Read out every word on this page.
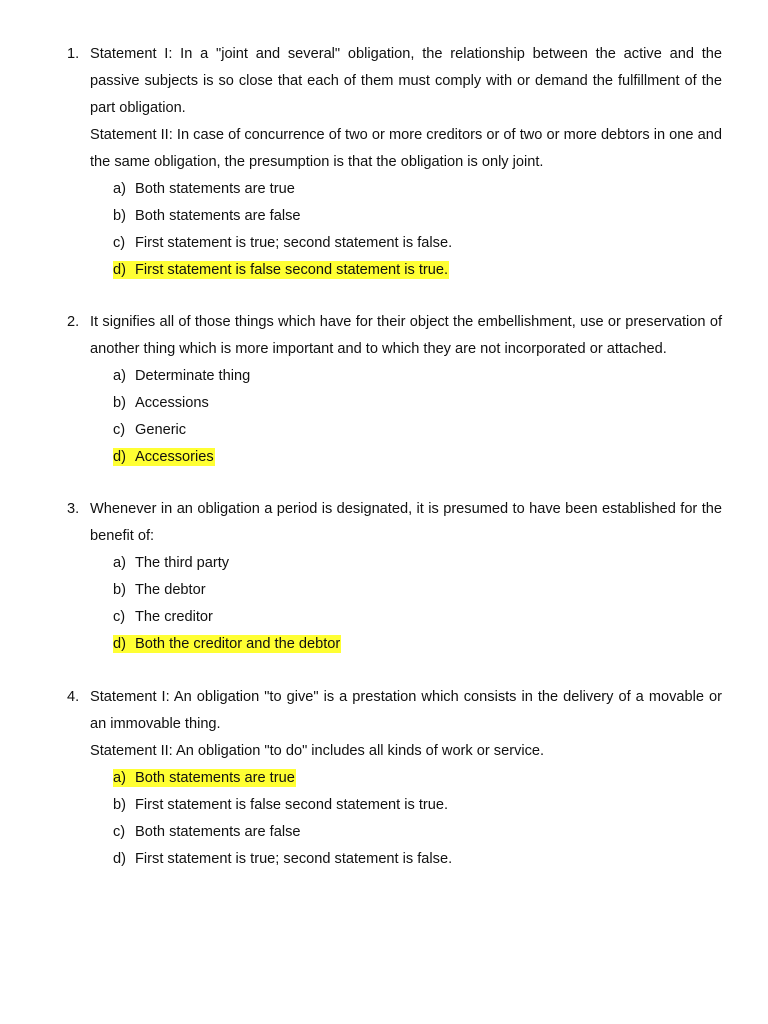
1. Statement I: In a "joint and several" obligation, the relationship between the active and the passive subjects is so close that each of them must comply with or demand the fulfillment of the part obligation.
Statement II: In case of concurrence of two or more creditors or of two or more debtors in one and the same obligation, the presumption is that the obligation is only joint.
a) Both statements are true
b) Both statements are false
c) First statement is true; second statement is false.
d) First statement is false second statement is true.
2. It signifies all of those things which have for their object the embellishment, use or preservation of another thing which is more important and to which they are not incorporated or attached.
a) Determinate thing
b) Accessions
c) Generic
d) Accessories
3. Whenever in an obligation a period is designated, it is presumed to have been established for the benefit of:
a) The third party
b) The debtor
c) The creditor
d) Both the creditor and the debtor
4. Statement I: An obligation "to give" is a prestation which consists in the delivery of a movable or an immovable thing.
Statement II: An obligation "to do" includes all kinds of work or service.
a) Both statements are true
b) First statement is false second statement is true.
c) Both statements are false
d) First statement is true; second statement is false.
